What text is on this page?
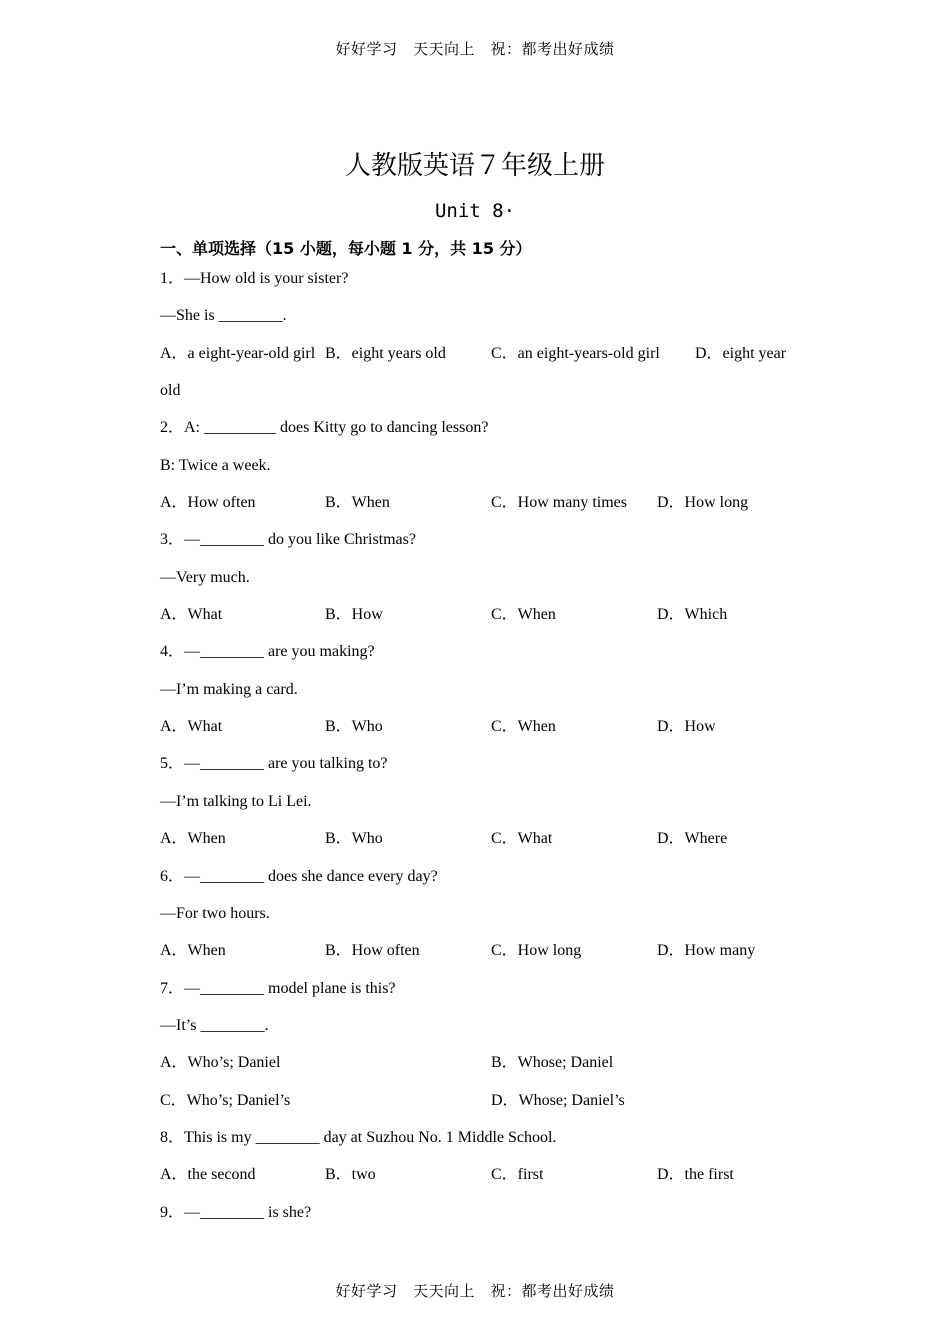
好好学习　天天向上　祝：都考出好成绩
人教版英语７年级上册
Unit 8·
一、单项选择（15 小题，每小题 1 分，共 15 分）
1．—How old is your sister?
—She is ________.
A．a eight-year-old girl B．eight years old	C．an eight-years-old girl D．eight year
old
2．A: _________ does Kitty go to dancing lesson?
B: Twice a week.
A．How often	B．When	C．How many times D．How long
3．—________ do you like Christmas?
—Very much.
A．What	B．How	C．When	D．Which
4．—________ are you making?
—I’m making a card.
A．What	B．Who	C．When	D．How
5．—________ are you talking to?
—I’m talking to Li Lei.
A．When	B．Who	C．What	D．Where
6．—________ does she dance every day?
—For two hours.
A．When	B．How often	C．How long	D．How many
7．—________ model plane is this?
—It’s ________.
A．Who’s; Daniel	B．Whose; Daniel
C．Who’s; Daniel’s	D．Whose; Daniel’s
8．This is my ________ day at Suzhou No. 1 Middle School.
A．the second	B．two	C．first	D．the first
9．—________ is she?
好好学习　天天向上　祝：都考出好成绩
